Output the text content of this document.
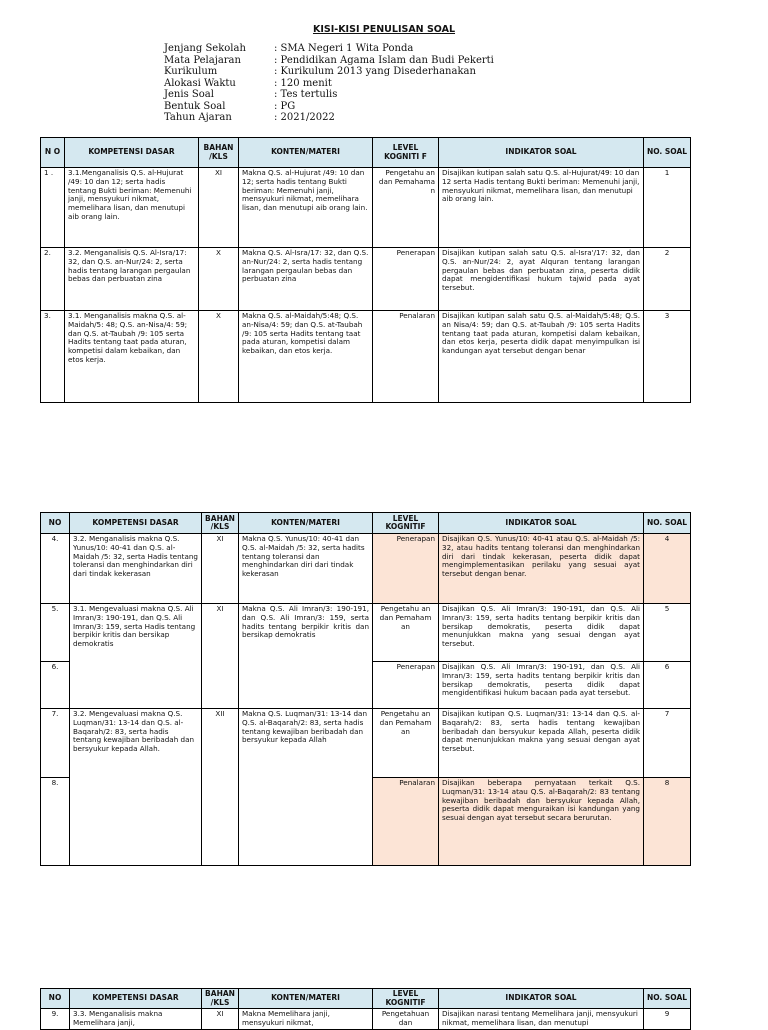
KISI-KISI PENULISAN SOAL
Jenjang Sekolah	: SMA Negeri 1 Wita Ponda
Mata Pelajaran	: Pendidikan Agama Islam dan Budi Pekerti
Kurikulum	: Kurikulum 2013 yang Disederhanakan
Alokasi Waktu	: 120 menit
Jenis Soal	: Tes tertulis
Bentuk Soal	: PG
Tahun Ajaran	: 2021/2022
N O	KOMPETENSI DASAR	BAHAN /KLS	KONTEN/MATERI	LEVEL KOGNITI F	INDIKATOR SOAL	NO. SOAL
1 .	3.1.Menganalisis Q.S. al-Hujurat /49: 10 dan 12; serta hadis tentang Bukti beriman: Memenuhi janji, mensyukuri nikmat, memelihara lisan, dan menutupi aib orang lain.	XI	Makna Q.S. al-Hujurat /49: 10 dan 12; serta hadis tentang Bukti beriman: Memenuhi janji, mensyukuri nikmat, memelihara lisan, dan menutupi aib orang lain.	Pengetahu an dan Pemahama n	Disajikan kutipan salah satu Q.S. al-Hujurat/49: 10 dan 12 serta Hadis tentang Bukti beriman: Memenuhi janji, mensyukuri nikmat, memelihara lisan, dan menutupi aib orang lain.	1
2.	3.2. Menganalisis Q.S. Al-Isra/17: 32, dan Q.S. an-Nur/24: 2, serta hadis tentang larangan pergaulan bebas dan perbuatan zina	X	Makna Q.S. Al-Isra/17: 32, dan Q.S. an-Nur/24: 2, serta hadis tentang larangan pergaulan bebas dan perbuatan zina	Penerapan	Disajikan kutipan salah satu Q.S. al-Isra'/17: 32, dan Q.S. an-Nur/24: 2, ayat Alquran tentang larangan pergaulan bebas dan perbuatan zina, peserta didik dapat mengidentifikasi hukum tajwid pada ayat tersebut.	2
3.	3.1. Menganalisis makna Q.S. al-Maidah/5: 48; Q.S. an-Nisa/4: 59; dan Q.S. at-Taubah /9: 105 serta Hadits tentang taat pada aturan, kompetisi dalam kebaikan, dan etos kerja.	X	Makna Q.S. al-Maidah/5:48; Q.S. an-Nisa/4: 59; dan Q.S. at-Taubah /9: 105 serta Hadits tentang taat pada aturan, kompetisi dalam kebaikan, dan etos kerja.	Penalaran	Disajikan kutipan salah satu Q.S. al-Maidah/5:48; Q.S. an Nisa/4: 59; dan Q.S. at-Taubah /9: 105 serta Hadits tentang taat pada aturan, kompetisi dalam kebaikan, dan etos kerja, peserta didik dapat menyimpulkan isi kandungan ayat tersebut dengan benar	3
NO	KOMPETENSI DASAR	BAHAN /KLS	KONTEN/MATERI	LEVEL KOGNITIF	INDIKATOR SOAL	NO. SOAL
4.	3.2. Menganalisis makna Q.S. Yunus/10: 40-41 dan Q.S. al-Maidah /5: 32, serta Hadis tentang toleransi dan menghindarkan diri dari tindak kekerasan	XI	Makna Q.S. Yunus/10: 40-41 dan Q.S. al-Maidah /5: 32, serta hadits tentang toleransi dan menghindarkan diri dari tindak kekerasan	Penerapan	Disajikan Q.S. Yunus/10: 40-41 atau Q.S. al-Maidah /5: 32, atau hadits tentang toleransi dan menghindarkan diri dari tindak kekerasan, peserta didik dapat mengimplementasikan perilaku yang sesuai ayat tersebut dengan benar.	4
5.	3.1. Mengevaluasi makna Q.S. Ali Imran/3: 190-191, dan Q.S. Ali Imran/3: 159, serta Hadis tentang berpikir kritis dan bersikap demokratis	XI	Makna Q.S. Ali Imran/3: 190-191, dan Q.S. Ali Imran/3: 159, serta hadits tentang berpikir kritis dan bersikap demokratis	Pengetahu an dan Pemaham an	Disajikan Q.S. Ali Imran/3: 190-191, dan Q.S. Ali Imran/3: 159, serta hadits tentang berpikir kritis dan bersikap demokratis, peserta didik dapat menunjukkan makna yang sesuai dengan ayat tersebut.	5
6.				Penerapan	Disajikan Q.S. Ali Imran/3: 190-191, dan Q.S. Ali Imran/3: 159, serta hadits tentang berpikir kritis dan bersikap demokratis, peserta didik dapat mengidentifikasi hukum bacaan pada ayat tersebut.	6
7.	3.2. Mengevaluasi makna Q.S. Luqman/31: 13-14 dan Q.S. al-Baqarah/2: 83, serta hadis tentang kewajiban beribadah dan bersyukur kepada Allah.	XII	Makna Q.S. Luqman/31: 13-14 dan Q.S. al-Baqarah/2: 83, serta hadis tentang kewajiban beribadah dan bersyukur kepada Allah	Pengetahu an dan Pemaham an	Disajikan kutipan Q.S. Luqman/31: 13-14 dan Q.S. al- Baqarah/2: 83, serta hadis tentang kewajiban beribadah dan bersyukur kepada Allah, peserta didik dapat menunjukkan makna yang sesuai dengan ayat tersebut.	7
8.				Penalaran	Disajikan beberapa pernyataan terkait Q.S. Luqman/31: 13-14 atau Q.S. al-Baqarah/2: 83 tentang kewajiban beribadah dan bersyukur kepada Allah, peserta didik dapat menguraikan isi kandungan yang sesuai dengan ayat tersebut secara berurutan.	8
NO	KOMPETENSI DASAR	BAHAN /KLS	KONTEN/MATERI	LEVEL KOGNITIF	INDIKATOR SOAL	NO. SOAL
9.	3.3. Menganalisis makna Memelihara janji,	XI	Makna Memelihara janji, mensyukuri nikmat,	Pengetahuan dan	Disajikan narasi tentang Memelihara janji, mensyukuri nikmat, memelihara lisan, dan menutupi	9
